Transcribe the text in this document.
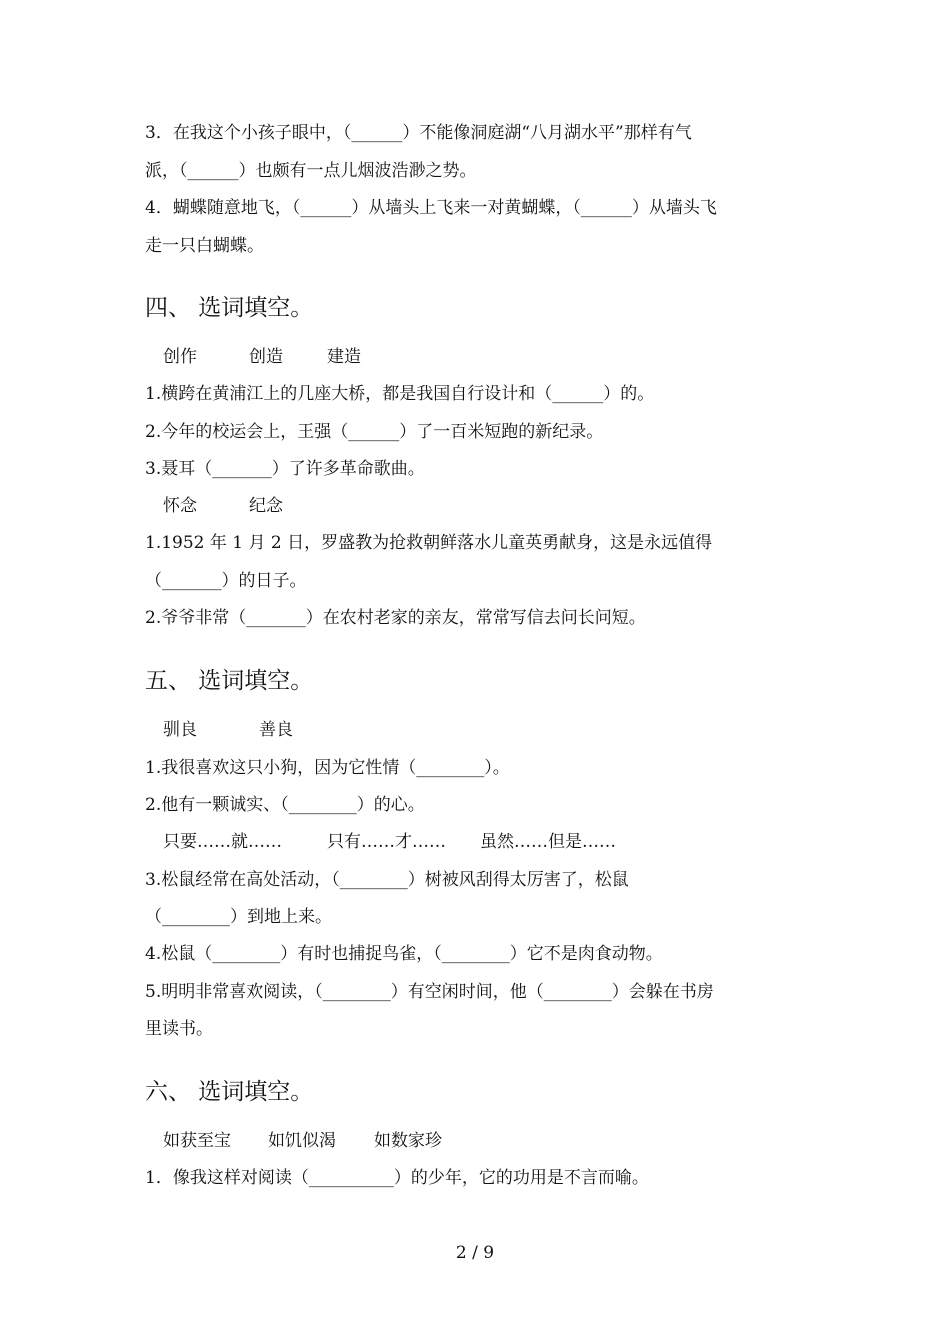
3．在我这个小孩子眼中，（______）不能像洞庭湖“八月湖水平”那样有气
派，（______）也颇有一点儿烟波浩渺之势。
4．蝴蝶随意地飞，（______）从墙头上飞来一对黄蝴蝶，（______）从墙头飞
走一只白蝴蝶。
四、 选词填空。
创作	创造	建造
1.横跨在黄浦江上的几座大桥，都是我国自行设计和（______）的。
2.今年的校运会上，王强（______）了一百米短跑的新纪录。
3.聂耳（_______）了许多革命歌曲。
怀念	纪念
1.1952 年 1 月 2 日，罗盛教为抢救朝鲜落水儿童英勇献身，这是永远值得
（_______）的日子。
2.爷爷非常（_______）在农村老家的亲友，常常写信去问长问短。
五、 选词填空。
驯良	善良
1.我很喜欢这只小狗，因为它性情（________）。
2.他有一颗诚实、（________）的心。
只要……就……	只有……才…… 虽然……但是……
3.松鼠经常在高处活动，（________）树被风刮得太厉害了，松鼠
（________）到地上来。
4.松鼠（________）有时也捕捉鸟雀，（________）它不是肉食动物。
5.明明非常喜欢阅读，（________）有空闲时间，他（________）会躲在书房
里读书。
六、 选词填空。
如获至宝 如饥似渴 如数家珍
1．像我这样对阅读（__________）的少年，它的功用是不言而喻。
2 / 9
